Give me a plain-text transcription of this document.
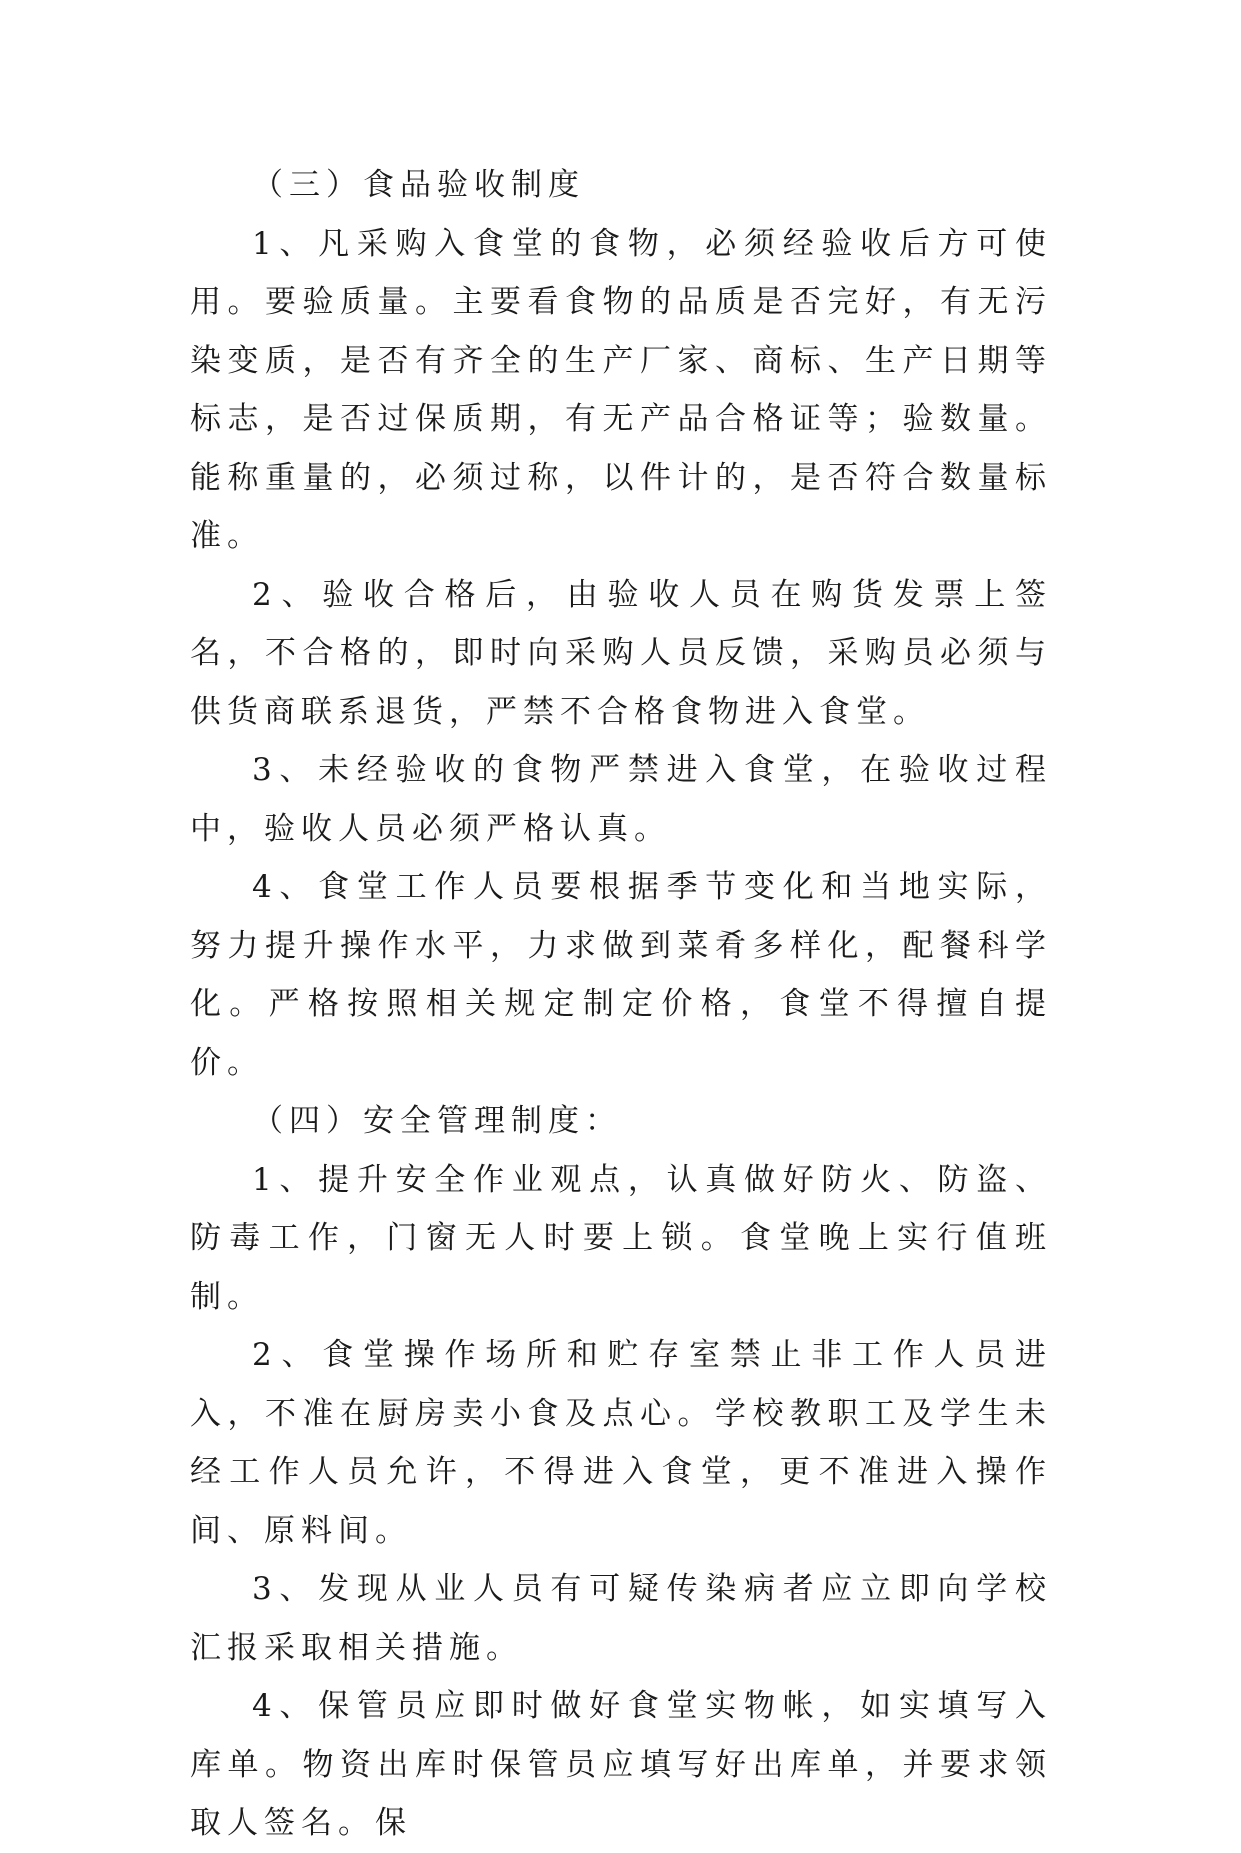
（三）食品验收制度

1、凡采购入食堂的食物，必须经验收后方可使用。要验质量。主要看食物的品质是否完好，有无污染变质，是否有齐全的生产厂家、商标、生产日期等标志，是否过保质期，有无产品合格证等；验数量。能称重量的，必须过称，以件计的，是否符合数量标准。

2、验收合格后，由验收人员在购货发票上签名，不合格的，即时向采购人员反馈，采购员必须与供货商联系退货，严禁不合格食物进入食堂。

3、未经验收的食物严禁进入食堂，在验收过程中，验收人员必须严格认真。

4、食堂工作人员要根据季节变化和当地实际，努力提升操作水平，力求做到菜肴多样化，配餐科学化。严格按照相关规定制定价格，食堂不得擅自提价。

（四）安全管理制度：

1、提升安全作业观点，认真做好防火、防盗、防毒工作，门窗无人时要上锁。食堂晚上实行值班制。

2、食堂操作场所和贮存室禁止非工作人员进入，不准在厨房卖小食及点心。学校教职工及学生未经工作人员允许，不得进入食堂，更不准进入操作间、原料间。

3、发现从业人员有可疑传染病者应立即向学校汇报采取相关措施。

4、保管员应即时做好食堂实物帐，如实填写入库单。物资出库时保管员应填写好出库单，并要求领取人签名。保
